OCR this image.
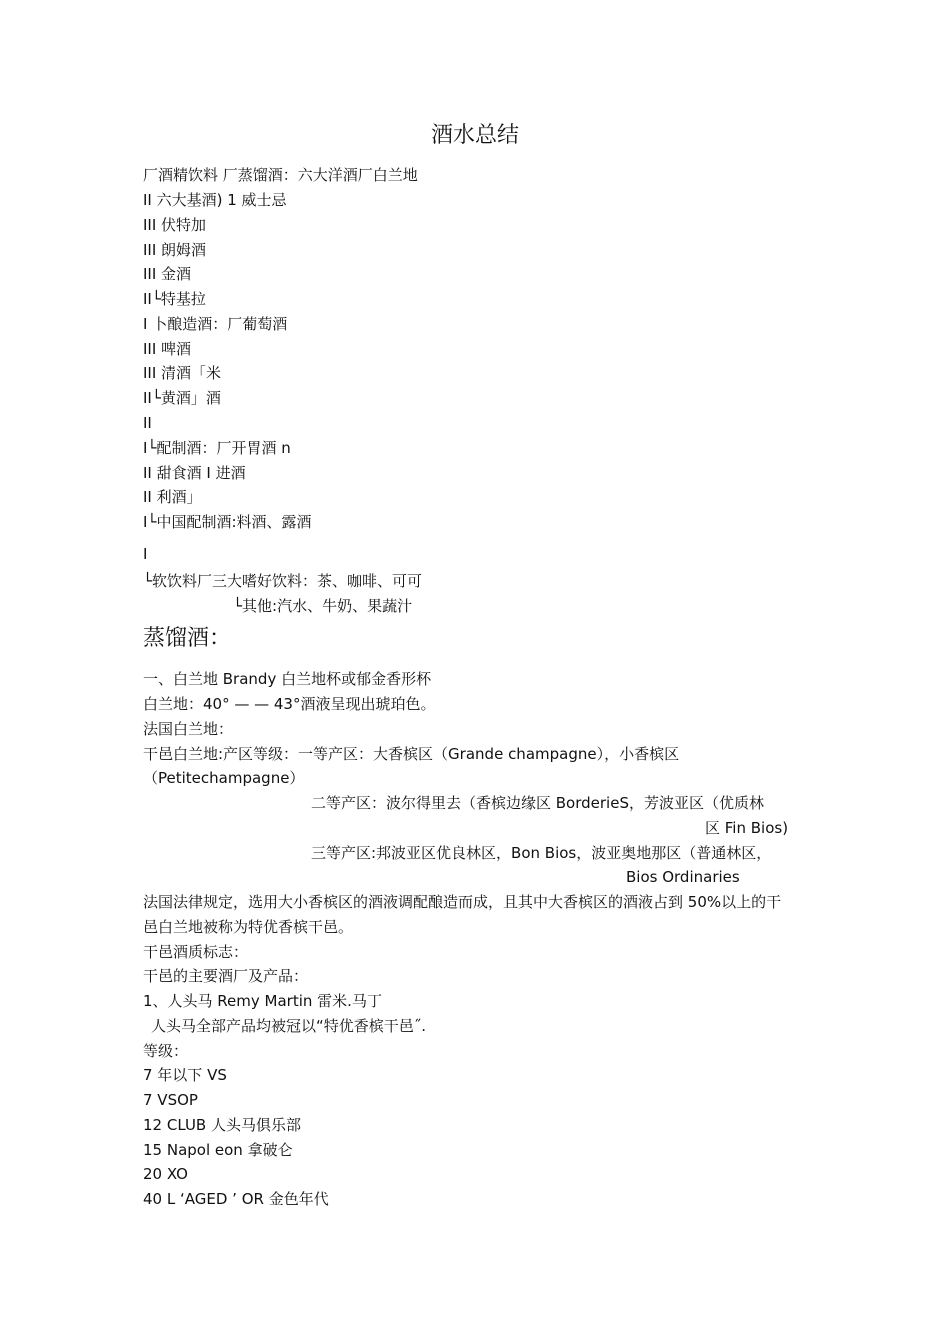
酒水总结
厂酒精饮料 厂蒸馏酒：六大洋酒厂白兰地
II 六大基酒) 1 威士忌
III 伏特加
III 朗姆酒
III 金酒
II└特基拉
I 卜酿造酒：厂葡萄酒
III 啤酒
III 清酒「米
II└黄酒」酒
II
I└配制酒：厂开胃酒 n
II 甜食酒 I 进酒
II 利酒」
I└中国配制酒:料酒、露酒
I
└软饮料厂三大嗜好饮料：茶、咖啡、可可
└其他:汽水、牛奶、果蔬汁
蒸馏酒：
一、白兰地 Brandy 白兰地杯或郁金香形杯
白兰地：40° — — 43°酒液呈现出琥珀色。
法国白兰地：
干邑白兰地:产区等级：一等产区：大香槟区（Grande champagne），小香槟区
（Petitechampagne）
二等产区：波尔得里去（香槟边缘区 BorderieS，芳波亚区（优质林
区 Fin Bios)
三等产区:邦波亚区优良林区，Bon Bios，波亚奥地那区（普通林区，
Bios Ordinaries
法国法律规定，选用大小香槟区的酒液调配酿造而成，且其中大香槟区的酒液占到 50%以上的干
邑白兰地被称为特优香槟干邑。
干邑酒质标志：
干邑的主要酒厂及产品：
1、人头马 Remy Martin 雷米.马丁
人头马全部产品均被冠以“特优香槟干邑˝.
等级：
7 年以下 VS
7 VSOP
12 CLUB 人头马俱乐部
15 Napol eon 拿破仑
20 XO
40 L ‘AGED ’ OR 金色年代
